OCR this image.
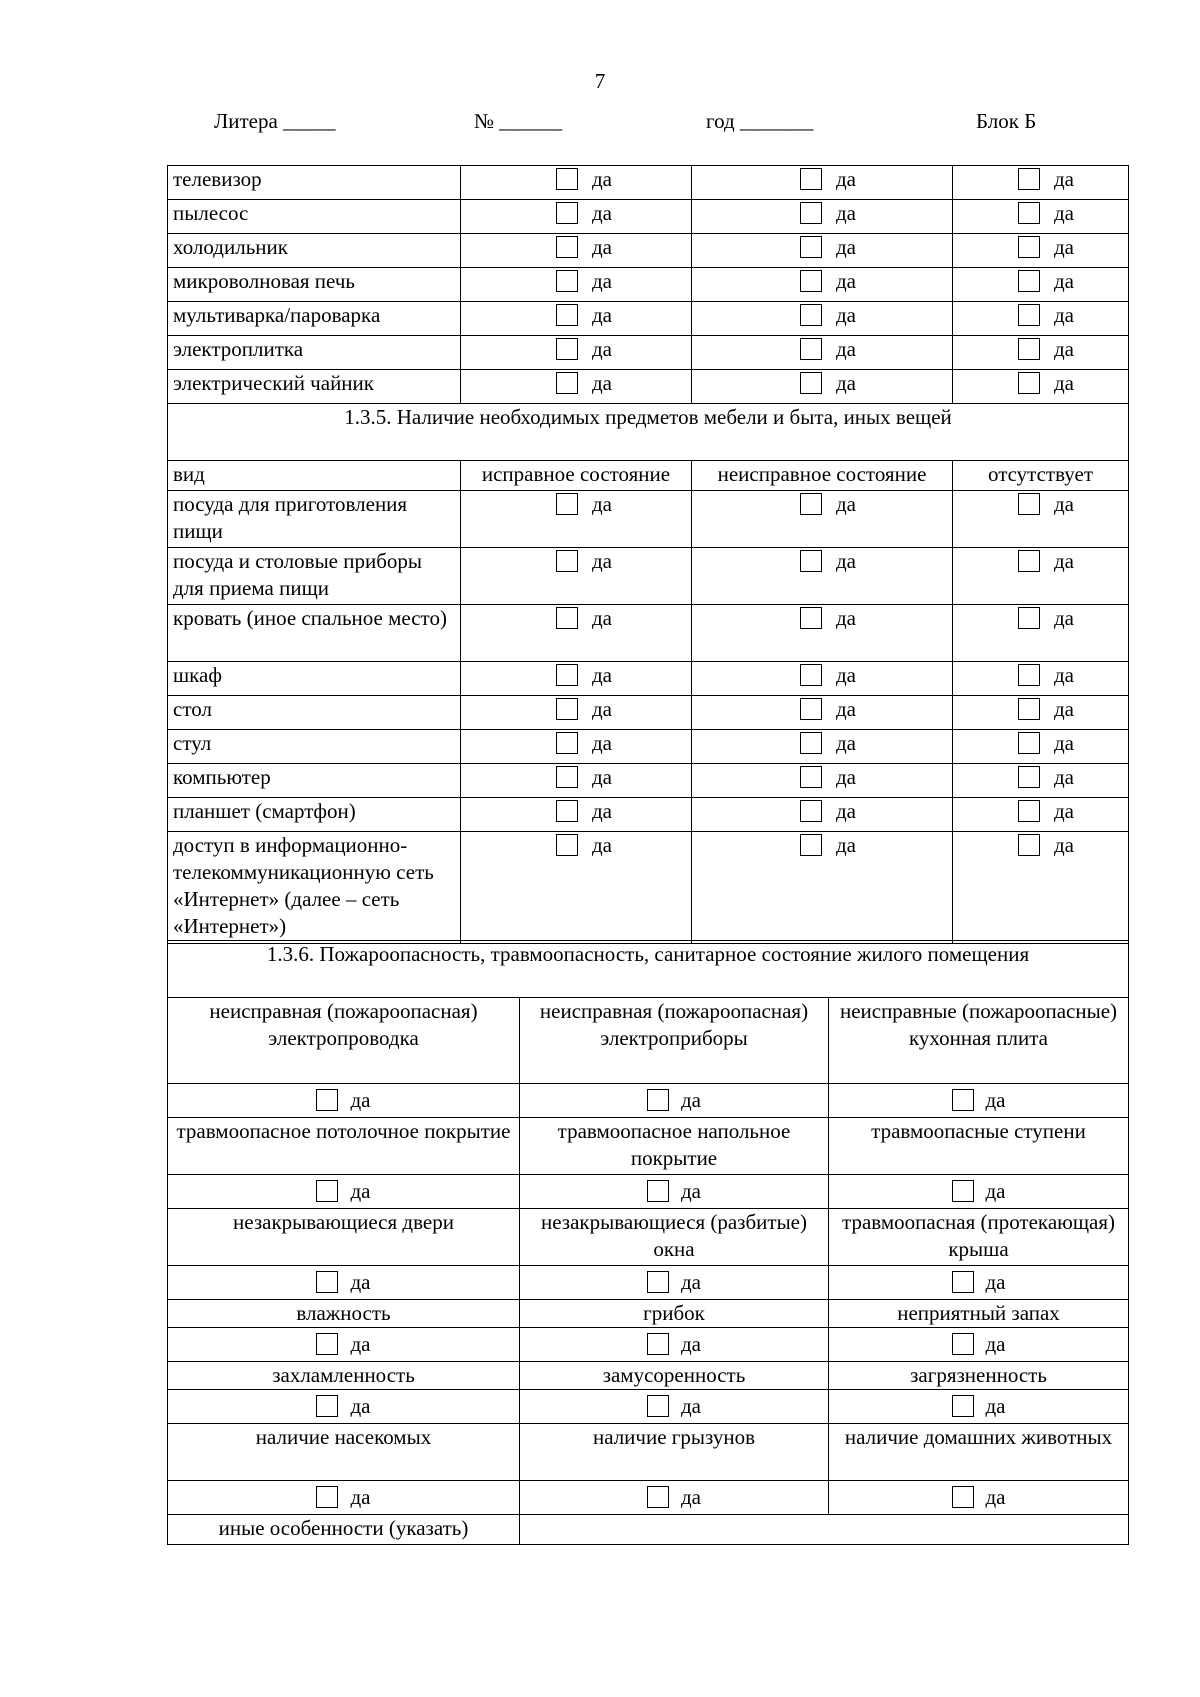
7
Литера _____	№ ______	год _______	Блок Б
телевизор	да	да	да
пылесос	да	да	да
холодильник	да	да	да
микроволновая печь	да	да	да
мультиварка/пароварка	да	да	да
электроплитка	да	да	да
электрический чайник	да	да	да
1.3.5. Наличие необходимых предметов мебели и быта, иных вещей			
вид	исправное состояние	неисправное состояние	отсутствует
посуда для приготовления пищи	да	да	да
посуда и столовые приборы для приема пищи	да	да	да
кровать (иное спальное место)	да	да	да
шкаф	да	да	да
стол	да	да	да
стул	да	да	да
компьютер	да	да	да
планшет (смартфон)	да	да	да
доступ в информационно-телекоммуникационную сеть «Интернет» (далее – сеть «Интернет»)	да	да	да
1.3.6. Пожароопасность, травмоопасность, санитарное состояние жилого помещения		
неисправная (пожароопасная) электропроводка	неисправная (пожароопасная) электроприборы	неисправные (пожароопасные) кухонная плита
да	да	да
травмоопасное потолочное покрытие	травмоопасное напольное покрытие	травмоопасные ступени
да	да	да
незакрывающиеся двери	незакрывающиеся (разбитые) окна	травмоопасная (протекающая) крыша
да	да	да
влажность	грибок	неприятный запах
да	да	да
захламленность	замусоренность	загрязненность
да	да	да
наличие насекомых	наличие грызунов	наличие домашних животных
да	да	да
иные особенности (указать)		
